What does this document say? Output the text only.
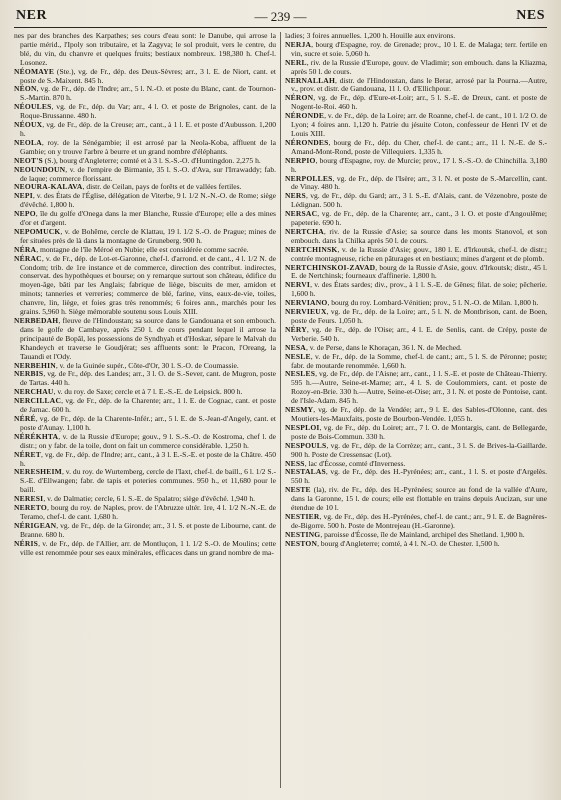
NER	— 239 —	NES

nes par des branches des Karpathes; ses cours d'eau sont: le Danube, qui arrose la partie mérid., l'Ipoly son tributaire, et la Zagyva; le sol produit, vers le centre, du blé, du vin, du chanvre et quelques fruits; bestiaux nombreux. 198,380 h. Chef-l. Losonez.

NÉOMAYE (Ste.), vg. de Fr., dép. des Deux-Sèvres; arr., 3 l. E. de Niort, cant. et poste de S.-Maixent. 845 h.

NÉON, vg. de Fr., dép. de l'Indre; arr., 5 l. N.-O. et poste du Blanc, cant. de Tournon-S.-Martin. 870 h.

NÉOULES, vg. de Fr., dép. du Var; arr., 4 l. O. et poste de Brignoles, cant. de la Roque-Brussanne. 480 h.

NÉOUX, vg. de Fr., dép. de la Creuse; arr., cant., à 1 l. E. et poste d'Aubusson. 1,200 h.

NEOLA, roy. de la Sénégambie; il est arrosé par la Neola-Koba, affluent de la Gambie; on y trouve l'arbre à beurre et un grand nombre d'éléphants.

NEOT'S (S.), bourg d'Angleterre; comté et à 3 l. S.-S.-O. d'Huntingdon. 2,275 h.

NEOUNDOUN, v. de l'empire de Birmanie, 35 l. S.-O. d'Ava, sur l'Irrawaddy; fab. de laque; commerce florissant.

NEOURA-KALAVA, distr. de Ceilan, pays de forêts et de vallées fertiles.

NEPI, v. des États de l'Église, délégation de Viterbe, 9 l. 1/2 N.-N.-O. de Rome; siège d'évêché. 1,800 h.

NEPO, île du golfe d'Onega dans la mer Blanche, Russie d'Europe; elle a des mines d'or et d'argent.

NEPOMUCK, v. de Bohême, cercle de Klattau, 19 l. 1/2 S.-O. de Prague; mines de fer situées près de là dans la montagne de Gruneberg. 900 h.

NÉRA, montagne de l'île Méroé en Nubie; elle est considérée comme sacrée.

NÉRAC, v. de Fr., dép. de Lot-et-Garonne, chef-l. d'arrond. et de cant., 4 l. 1/2 N. de Condom; trib. de 1re instance et de commerce, direction des contribut. indirectes, conservat. des hypothèques et bourse; on y remarque surtout son château, édifice du moyen-âge, bâti par les Anglais; fabrique de liège, biscuits de mer, amidon et minots; tanneries et verreries; commerce de blé, farine, vins, eaux-de-vie, toiles, chanvre, lin, liège, et foies gras très renommés; 6 foires ann., marchés pour les grains. 5,960 h. Siège mémorable soutenu sous Louis XIII.

NERBEDAH, fleuve de l'Hindoustan; sa source dans le Gandouana et son embouch. dans le golfe de Cambaye, après 250 l. de cours pendant lequel il arrose la principauté de Bopâl, les possessions de Syndhyah et d'Hoskar, sépare le Malvah du Khandeych et traverse le Goudjérat; ses affluents sont: le Pracon, l'Oreang, la Tauandi et l'Ody.

NERBEHIN, v. de la Guinée supér., Côte-d'Or, 30 l. S.-O. de Coumassie.

NERBIS, vg. de Fr., dép. des Landes; arr., 3 l. O. de S.-Sever, cant. de Mugron, poste de Tartas. 440 h.

NERCHAU, v. du roy. de Saxe; cercle et à 7 l. E.-S.-E. de Leipsick. 800 h.

NERCILLAC, vg. de Fr., dép. de la Charente; arr., 1 l. E. de Cognac, cant. et poste de Jarnac. 600 h.

NÉRÉ, vg. de Fr., dép. de la Charente-Infér.; arr., 5 l. E. de S.-Jean-d'Angely, cant. et poste d'Aunay. 1,100 h.

NÉRÉKHTA, v. de la Russie d'Europe; gouv., 9 l. S.-S.-O. de Kostroma, chef l. de distr.; on y fabr. de la toile, dont on fait un commerce considérable. 1,250 h.

NÉRET, vg. de Fr., dép. de l'Indre; arr., cant., à 3 l. E.-S.-E. et poste de la Châtre. 450 h.

NERESHEIM, v. du roy. de Wurtemberg, cercle de l'Iaxt, chef-l. de baill., 6 l. 1/2 S.-S.-E. d'Ellwangen; fabr. de tapis et poteries communes. 950 h., et 11,680 pour le baill.

NERESI, v. de Dalmatie; cercle, 6 l. S.-E. de Spalatro; siège d'évêché. 1,940 h.

NERETO, bourg du roy. de Naples, prov. de l'Abruzze ultér. 1re, 4 l. 1/2 N.-N.-E. de Teramo, chef-l. de cant. 1,680 h.

NÉRIGEAN, vg. de Fr., dép. de la Gironde; arr., 3 l. S. et poste de Libourne, cant. de Branne. 680 h.

NÉRIS, v. de Fr., dép. de l'Allier, arr. de Montluçon, 1 l. 1/2 S.-O. de Moulins; cette ville est renommée pour ses eaux minérales, efficaces dans un grand nombre de ma-

ladies; 3 foires annuelles. 1,200 h. Houille aux environs.

NERJA, bourg d'Espagne, roy. de Grenade; prov., 10 l. E. de Malaga; terr. fertile en vin, sucre et soie. 5,060 h.

NERL, riv. de la Russie d'Europe, gouv. de Vladimir; son embouch. dans la Kliazma, après 50 l. de cours.

NERNALLAH, distr. de l'Hindoustan, dans le Berar, arrosé par la Pourna.—Autre, v., prov. et distr. de Gandouana, 11 l. O. d'Ellichpour.

NÉRON, vg. de Fr., dép. d'Eure-et-Loir; arr., 5 l. S.-E. de Dreux, cant. et poste de Nogent-le-Roi. 460 h.

NÉRONDE, v. de Fr., dép. de la Loire; arr. de Roanne, chef-l. de cant., 10 l. 1/2 O. de Lyon; 4 foires ann. 1,120 h. Patrie du jésuite Coton, confesseur de Henri IV et de Louis XIII.

NÉRONDES, bourg de Fr., dép. du Cher, chef-l. de cant.; arr., 11 l. N.-E. de S.-Amand-Mont-Rond, poste de Villequiers. 1,335 h.

NERPIO, bourg d'Espagne, roy. de Murcie; prov., 17 l. S.-S.-O. de Chinchilla. 3,180 h.

NERPOLLES, vg. de Fr., dép. de l'Isère; arr., 3 l. N. et poste de S.-Marcellin, cant. de Vinay. 480 h.

NERS, vg. de Fr., dép. du Gard; arr., 3 l. S.-E. d'Alais, cant. de Vézenobre, poste de Lédignan. 500 h.

NERSAC, vg. de Fr., dép. de la Charente; arr., cant., 3 l. O. et poste d'Angoulême; papeterie. 690 h.

NERTCHA, riv. de la Russie d'Asie; sa source dans les monts Stanovoï, et son embouch. dans la Chilka après 50 l. de cours.

NERTCHINSK, v. de la Russie d'Asie; gouv., 180 l. E. d'Irkoutsk, chef-l. de distr.; contrée montagneuse, riche en pâturages et en bestiaux; mines d'argent et de plomb.

NERTCHINSKOI-ZAVAD, bourg de la Russie d'Asie, gouv. d'Irkoutsk; distr., 45 l. E. de Nertchinsk; fourneaux d'affinerie. 1,800 h.

NERVI, v. des États sardes; div., prov., à 1 l. S.-E. de Gênes; filat. de soie; pêcherie. 1,600 h.

NERVIANO, bourg du roy. Lombard-Vénitien; prov., 5 l. N.-O. de Milan. 1,800 h.

NERVIEUX, vg. de Fr., dép. de la Loire; arr., 5 l. N. de Montbrison, cant. de Boen, poste de Feurs. 1,050 h.

NÉRY, vg. de Fr., dép. de l'Oise; arr., 4 l. E. de Senlis, cant. de Crépy, poste de Verberie. 540 h.

NESA, v. de Perse, dans le Khoraçan, 36 l. N. de Meched.

NESLE, v. de Fr., dép. de la Somme, chef-l. de cant.; arr., 5 l. S. de Péronne; poste; fabr. de moutarde renommée. 1,660 h.

NESLES, vg. de Fr., dép. de l'Aisne; arr., cant., 1 l. S.-E. et poste de Château-Thierry. 595 h.—Autre, Seine-et-Marne; arr., 4 l. S. de Coulommiers, cant. et poste de Rozoy-en-Brie. 330 h.—Autre, Seine-et-Oise; arr., 3 l. N. et poste de Pontoise, cant. de l'Isle-Adam. 845 h.

NESMY, vg. de Fr., dép. de la Vendée; arr., 9 l. E. des Sables-d'Olonne, cant. des Moutiers-les-Mauxfaits, poste de Bourbon-Vendée. 1,055 h.

NESPLOI, vg. de Fr., dép. du Loiret; arr., 7 l. O. de Montargis, cant. de Bellegarde, poste de Bois-Commun. 330 h.

NESPOULS, vg. de Fr., dép. de la Corrèze; arr., cant., 3 l. S. de Brives-la-Gaillarde. 900 h. Poste de Cressensac (Lot).

NESS, lac d'Écosse, comté d'Inverness.

NESTALAS, vg. de Fr., dép. des H.-Pyrénées; arr., cant., 1 l. S. et poste d'Argelès. 550 h.

NESTE (la), riv. de Fr., dép. des H.-Pyrénées; source au fond de la vallée d'Aure, dans la Garonne, 15 l. de cours; elle est flottable en trains depuis Aucizan, sur une étendue de 10 l.

NESTIER, vg. de Fr., dép. des H.-Pyrénées, chef-l. de cant.; arr., 9 l. E. de Bagnères-de-Bigorre. 500 h. Poste de Montrejeau (H.-Garonne).

NESTING, paroisse d'Écosse, île de Mainland, archipel des Shetland. 1,900 h.

NESTON, bourg d'Angleterre; comté, à 4 l. N.-O. de Chester. 1,500 h.
